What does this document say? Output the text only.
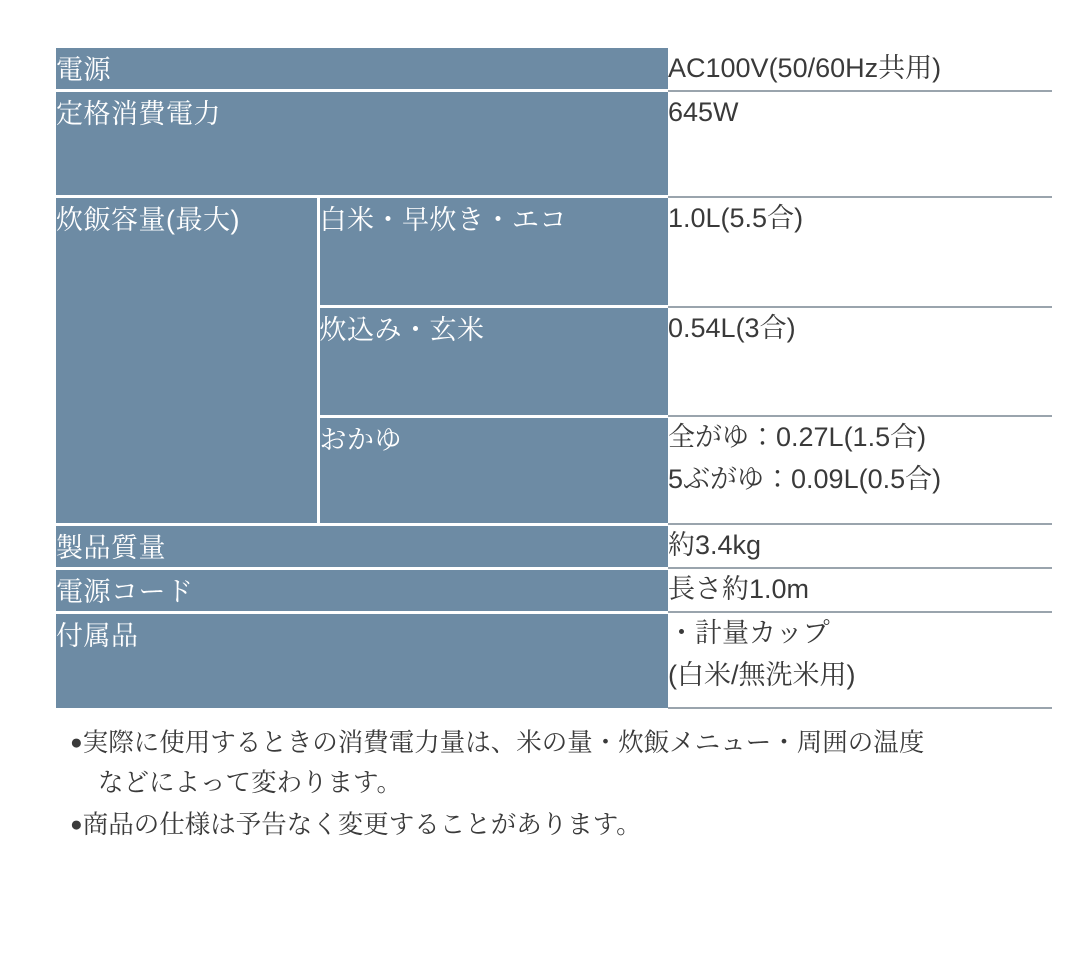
電源		AC100V(50/60Hz共用)
定格消費電力		645W
炊飯容量(最大)	白米・早炊き・エコ	1.0L(5.5合)
	炊込み・玄米	0.54L(3合)
	おかゆ	全がゆ：0.27L(1.5合)
5ぶがゆ：0.09L(0.5合)

製品質量		約3.4kg
電源コード		長さ約1.0m
付属品		・計量カップ
(白米/無洗米用)
●実際に使用するときの消費電力量は、米の量・炊飯メニュー・周囲の温度
などによって変わります。
●商品の仕様は予告なく変更することがあります。
